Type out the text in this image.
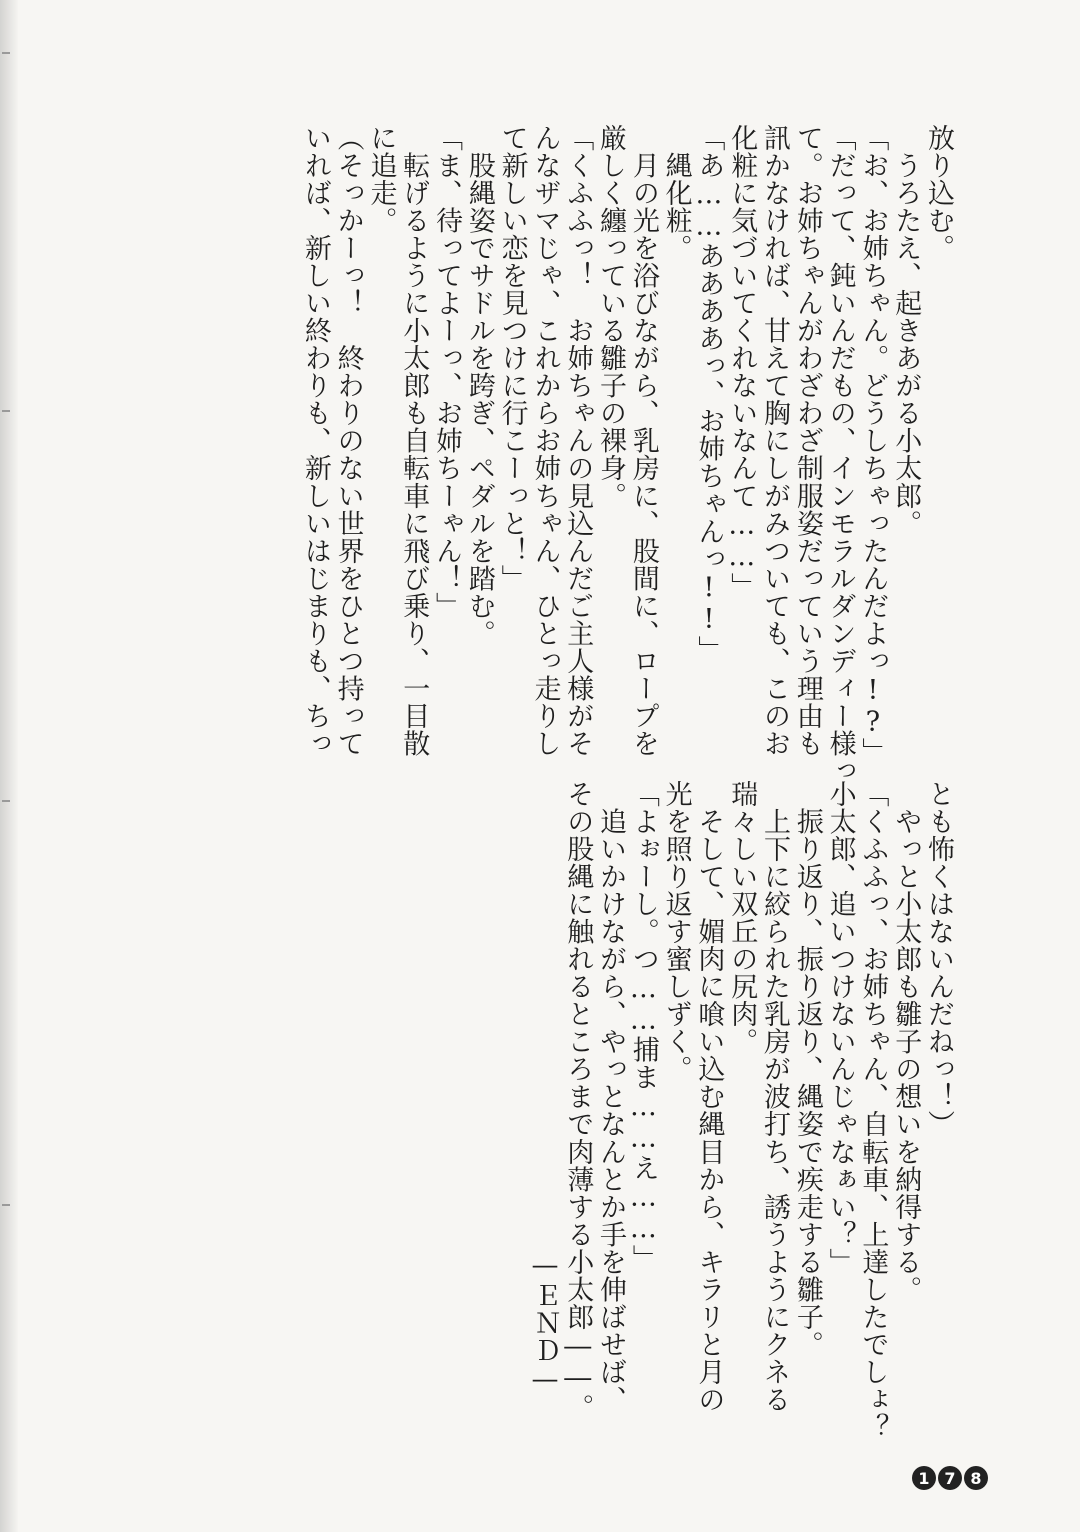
放り込む。

　うろたえ、起きあがる小太郎。

「お、お姉ちゃん。どうしちゃったんだよっ!?」

「だって、鈍いんだもの、インモラルダンディー様っ

て。お姉ちゃんがわざわざ制服姿だっていう理由も

訊かなければ、甘えて胸にしがみついても、このお

化粧に気づいてくれないなんて……」

「あ……ああああっ、お姉ちゃんっ!!」

　縄化粧。

　月の光を浴びながら、乳房に、股間に、ロープを

厳しく纏っている雛子の裸身。

「くふふっ！　お姉ちゃんの見込んだご主人様がそ

んなザマじゃ、これからお姉ちゃん、ひとっ走りし

て新しい恋を見つけに行こーっと！」

　股縄姿でサドルを跨ぎ、ペダルを踏む。

「ま、待ってよーっ、お姉ちーゃん！」

　転げるように小太郎も自転車に飛び乗り、一目散

に追走。

（そっかーっ！　終わりのない世界をひとつ持って

いれば、新しい終わりも、新しいはじまりも、ちっ

とも怖くはないんだねっ！）

　やっと小太郎も雛子の想いを納得する。

「くふふっ、お姉ちゃん、自転車、上達したでしょ？

小太郎、追いつけないんじゃなぁい？」

　振り返り、振り返り、縄姿で疾走する雛子。

　上下に絞られた乳房が波打ち、誘うようにクネる

瑞々しい双丘の尻肉。

　そして、媚肉に喰い込む縄目から、キラリと月の

光を照り返す蜜しずく。

「よぉーし。つ……捕ま……え……」

　追いかけながら、やっとなんとか手を伸ばせば、

その股縄に触れるところまで肉薄する小太郎――。

—ＥＮＤ—

1 7 8
